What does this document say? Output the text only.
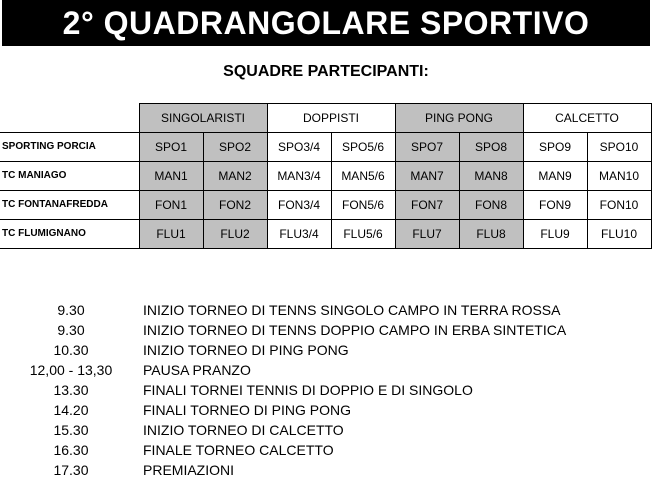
2° QUADRANGOLARE SPORTIVO
SQUADRE PARTECIPANTI:
	SINGOLARISTI		DOPPISTI		PING PONG		CALCETTO	
SPORTING PORCIA	SPO1	SPO2	SPO3/4	SPO5/6	SPO7	SPO8	SPO9	SPO10
TC MANIAGO	MAN1	MAN2	MAN3/4	MAN5/6	MAN7	MAN8	MAN9	MAN10
TC FONTANAFREDDA	FON1	FON2	FON3/4	FON5/6	FON7	FON8	FON9	FON10
TC FLUMIGNANO	FLU1	FLU2	FLU3/4	FLU5/6	FLU7	FLU8	FLU9	FLU10
9.30	INIZIO TORNEO DI TENNS SINGOLO CAMPO IN TERRA ROSSA
9.30	INIZIO TORNEO DI TENNS DOPPIO CAMPO IN ERBA SINTETICA
10.30	INIZIO TORNEO DI PING PONG
12,00 - 13,30	PAUSA PRANZO
13.30	FINALI TORNEI TENNIS DI DOPPIO E DI SINGOLO
14.20	FINALI TORNEO DI PING PONG
15.30	INIZIO TORNEO DI CALCETTO
16.30	FINALE TORNEO CALCETTO
17.30	PREMIAZIONI
